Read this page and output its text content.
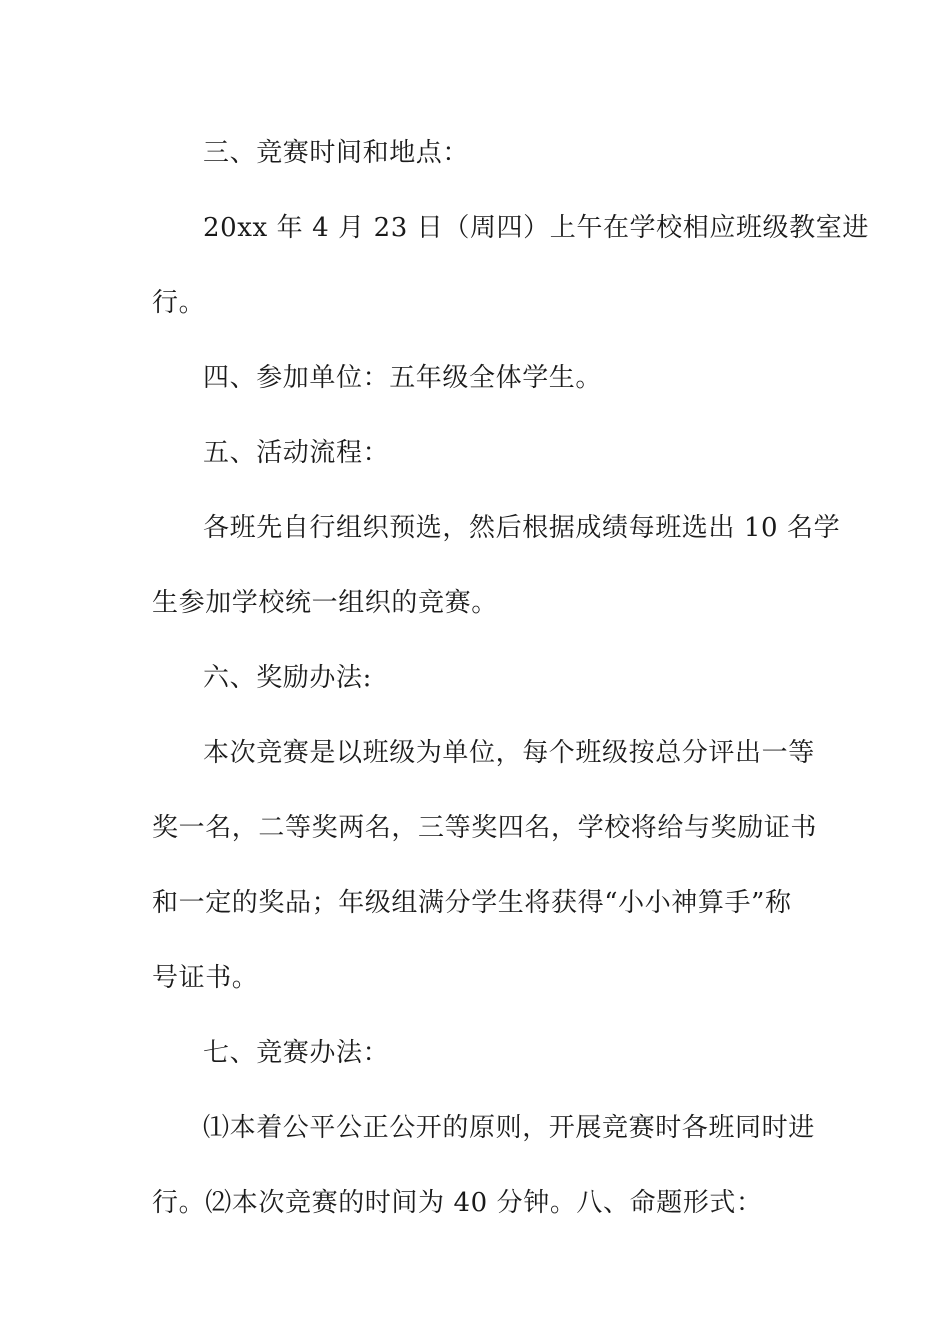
三、竞赛时间和地点：
20xx 年 4 月 23 日（周四）上午在学校相应班级教室进
行。
四、参加单位：五年级全体学生。
五、活动流程：
各班先自行组织预选，然后根据成绩每班选出 10 名学
生参加学校统一组织的竞赛。
六、奖励办法:
本次竞赛是以班级为单位，每个班级按总分评出一等
奖一名，二等奖两名，三等奖四名，学校将给与奖励证书
和一定的奖品；年级组满分学生将获得“小小神算手”称
号证书。
七、竞赛办法：
⑴本着公平公正公开的原则，开展竞赛时各班同时进
行。⑵本次竞赛的时间为 40 分钟。八、命题形式：
